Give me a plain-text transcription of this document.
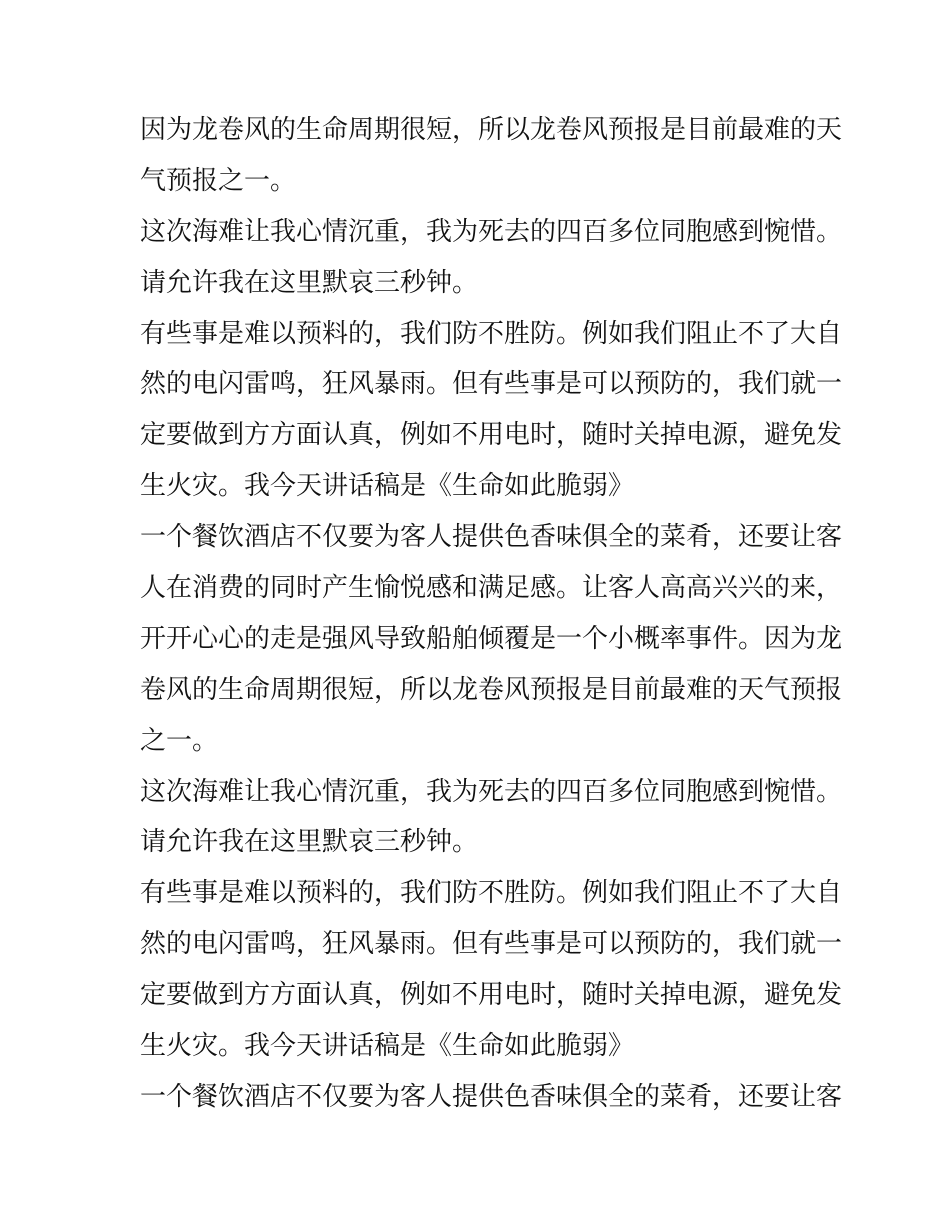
因为龙卷风的生命周期很短，所以龙卷风预报是目前最难的天
气预报之一。
这次海难让我心情沉重，我为死去的四百多位同胞感到惋惜。
请允许我在这里默哀三秒钟。
有些事是难以预料的，我们防不胜防。例如我们阻止不了大自
然的电闪雷鸣，狂风暴雨。但有些事是可以预防的，我们就一
定要做到方方面认真，例如不用电时，随时关掉电源，避免发
生火灾。我今天讲话稿是《生命如此脆弱》
一个餐饮酒店不仅要为客人提供色香味俱全的菜肴，还要让客
人在消费的同时产生愉悦感和满足感。让客人高高兴兴的来，
开开心心的走是强风导致船舶倾覆是一个小概率事件。因为龙
卷风的生命周期很短，所以龙卷风预报是目前最难的天气预报
之一。
这次海难让我心情沉重，我为死去的四百多位同胞感到惋惜。
请允许我在这里默哀三秒钟。
有些事是难以预料的，我们防不胜防。例如我们阻止不了大自
然的电闪雷鸣，狂风暴雨。但有些事是可以预防的，我们就一
定要做到方方面认真，例如不用电时，随时关掉电源，避免发
生火灾。我今天讲话稿是《生命如此脆弱》
一个餐饮酒店不仅要为客人提供色香味俱全的菜肴，还要让客
